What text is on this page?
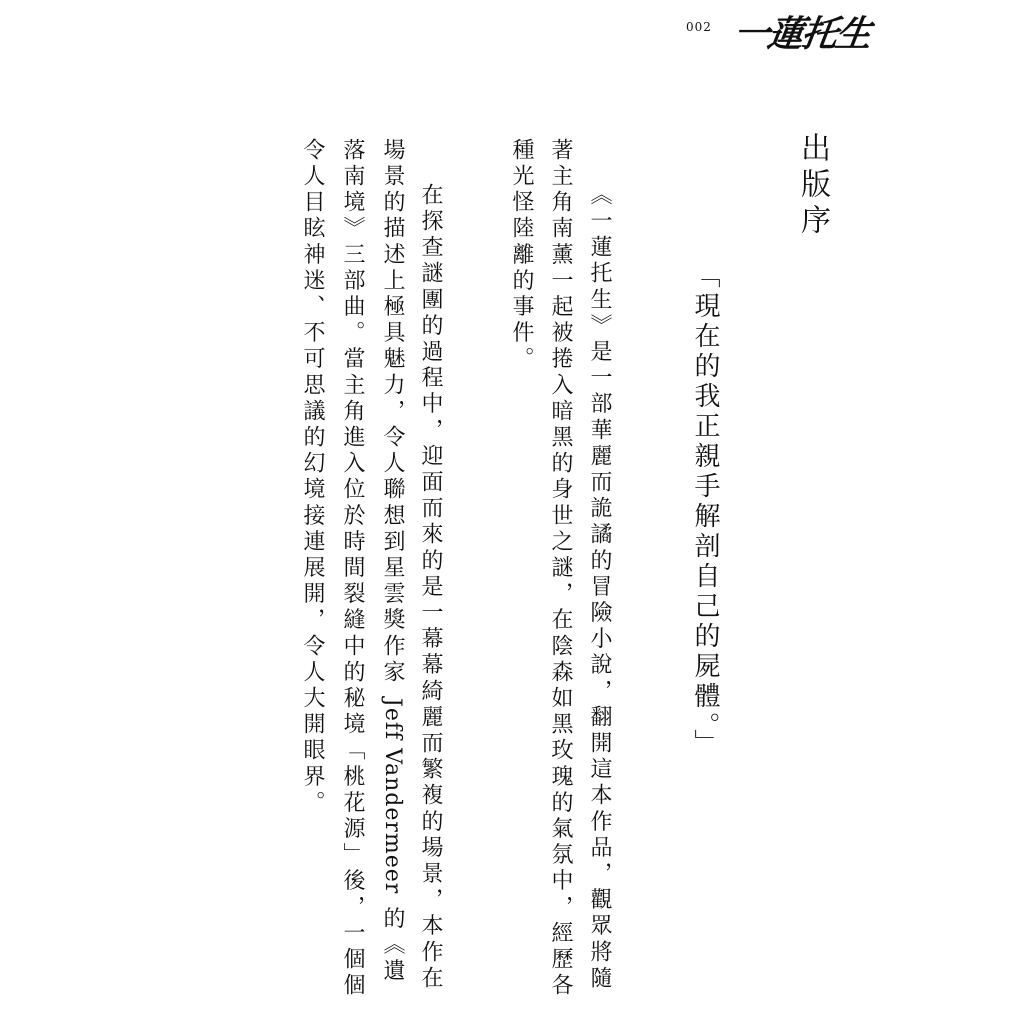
002 一蓮托生
出版序
「現在的我正親手解剖自己的屍體。」
《一蓮托生》是一部華麗而詭譎的冒險小說，翻開這本作品，觀眾將隨
著主角南薰一起被捲入暗黑的身世之謎，在陰森如黑玫瑰的氣氛中，經歷各
種光怪陸離的事件。
在探查謎團的過程中，迎面而來的是一幕幕綺麗而繁複的場景，本作在
場景的描述上極具魅力，令人聯想到星雲獎作家Jeff Vandermeer的《遺
落南境》三部曲。當主角進入位於時間裂縫中的秘境「桃花源」後，一個個
令人目眩神迷、不可思議的幻境接連展開，令人大開眼界。
